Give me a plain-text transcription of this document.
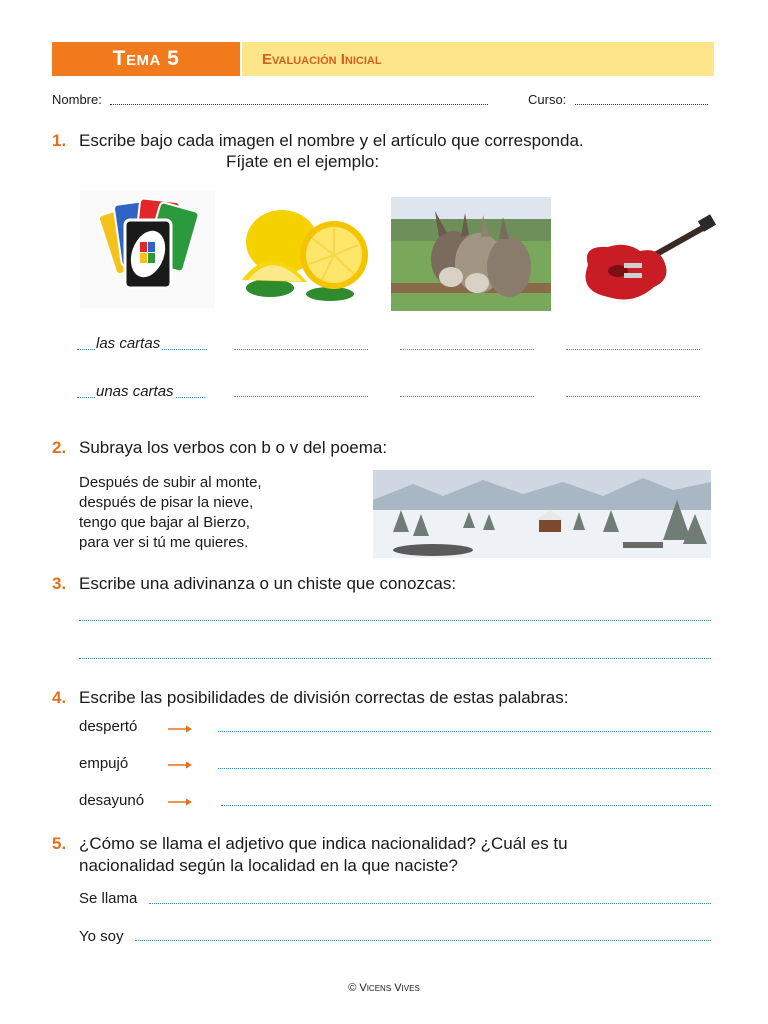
Tema 5	Evaluación Inicial
Nombre:	Curso:
1. Escribe bajo cada imagen el nombre y el artículo que corresponda.
Fíjate en el ejemplo:
las cartas
unas cartas
2. Subraya los verbos con b o v del poema:
Después de subir al monte,
después de pisar la nieve,
tengo que bajar al Bierzo,
para ver si tú me quieres.
3. Escribe una adivinanza o un chiste que conozcas:
4. Escribe las posibilidades de división correctas de estas palabras:
despertó
empujó
desayunó
5. ¿Cómo se llama el adjetivo que indica nacionalidad? ¿Cuál es tu
nacionalidad según la localidad en la que naciste?
Se llama
Yo soy
© Vicens Vives
